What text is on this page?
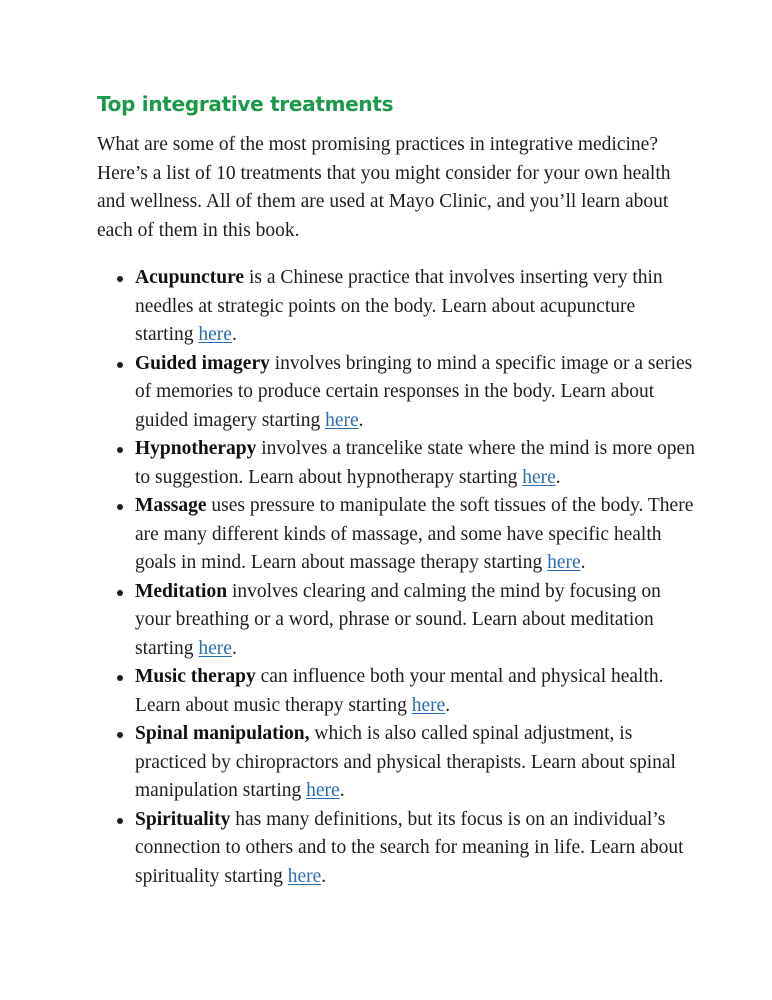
Top integrative treatments

What are some of the most promising practices in integrative medicine? Here’s a list of 10 treatments that you might consider for your own health and wellness. All of them are used at Mayo Clinic, and you’ll learn about each of them in this book.

Acupuncture is a Chinese practice that involves inserting very thin needles at strategic points on the body. Learn about acupuncture starting here.
Guided imagery involves bringing to mind a specific image or a series of memories to produce certain responses in the body. Learn about guided imagery starting here.
Hypnotherapy involves a trancelike state where the mind is more open to suggestion. Learn about hypnotherapy starting here.
Massage uses pressure to manipulate the soft tissues of the body. There are many different kinds of massage, and some have specific health goals in mind. Learn about massage therapy starting here.
Meditation involves clearing and calming the mind by focusing on your breathing or a word, phrase or sound. Learn about meditation starting here.
Music therapy can influence both your mental and physical health. Learn about music therapy starting here.
Spinal manipulation, which is also called spinal adjustment, is practiced by chiropractors and physical therapists. Learn about spinal manipulation starting here.
Spirituality has many definitions, but its focus is on an individual’s connection to others and to the search for meaning in life. Learn about spirituality starting here.
